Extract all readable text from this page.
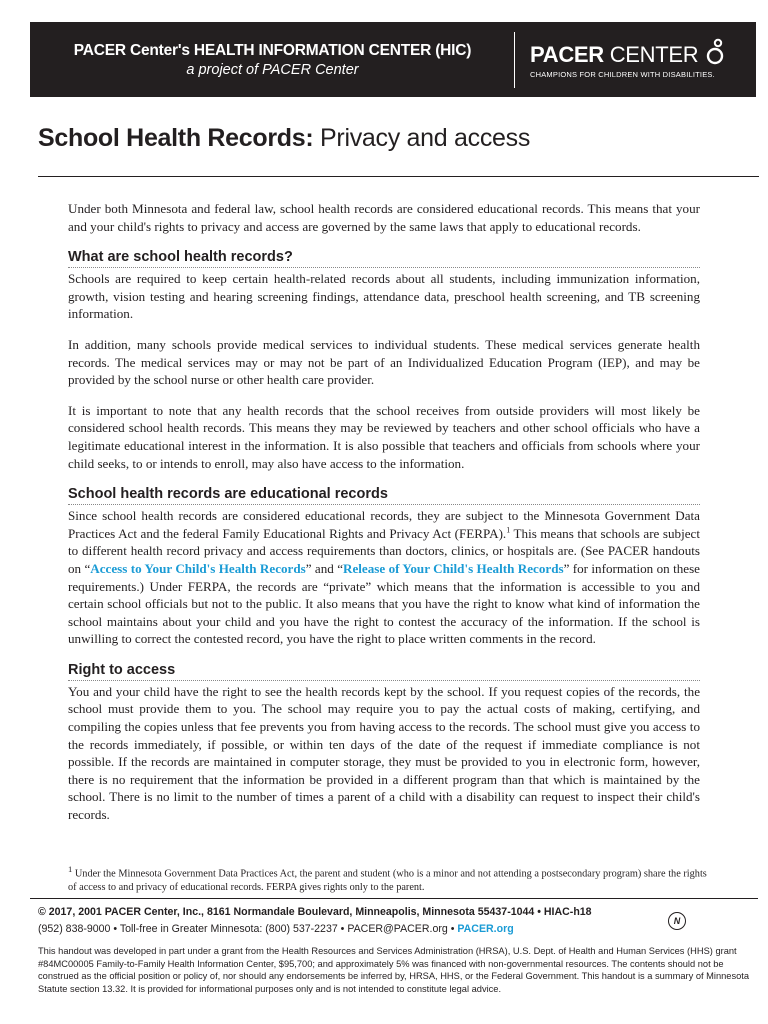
PACER Center's HEALTH INFORMATION CENTER (HIC)
a project of PACER Center
PACER CENTER
CHAMPIONS FOR CHILDREN WITH DISABILITIES.
School Health Records: Privacy and access

Under both Minnesota and federal law, school health records are considered educational records. This means that your and your child's rights to privacy and access are governed by the same laws that apply to educational records.

What are school health records?

Schools are required to keep certain health-related records about all students, including immunization information, growth, vision testing and hearing screening findings, attendance data, preschool health screening, and TB screening information.

In addition, many schools provide medical services to individual students. These medical services generate health records. The medical services may or may not be part of an Individualized Education Program (IEP), and may be provided by the school nurse or other health care provider.

It is important to note that any health records that the school receives from outside providers will most likely be considered school health records. This means they may be reviewed by teachers and other school officials who have a legitimate educational interest in the information. It is also possible that teachers and officials from schools where your child seeks, to or intends to enroll, may also have access to the information.

School health records are educational records

Since school health records are considered educational records, they are subject to the Minnesota Government Data Practices Act and the federal Family Educational Rights and Privacy Act (FERPA).$^1$ This means that schools are subject to different health record privacy and access requirements than doctors, clinics, or hospitals are. (See PACER handouts on “Access to Your Child's Health Records” and “Release of Your Child's Health Records” for information on these requirements.) Under FERPA, the records are “private” which means that the information is accessible to you and certain school officials but not to the public. It also means that you have the right to know what kind of information the school maintains about your child and you have the right to contest the accuracy of the information. If the school is unwilling to correct the contested record, you have the right to place written comments in the record.

Right to access

You and your child have the right to see the health records kept by the school. If you request copies of the records, the school must provide them to you. The school may require you to pay the actual costs of making, certifying, and compiling the copies unless that fee prevents you from having access to the records. The school must give you access to the records immediately, if possible, or within ten days of the date of the request if immediate compliance is not possible. If the records are maintained in computer storage, they must be provided to you in electronic form, however, there is no requirement that the information be provided in a different program than that which is maintained by the school. There is no limit to the number of times a parent of a child with a disability can request to inspect their child's records.

$^1$ Under the Minnesota Government Data Practices Act, the parent and student (who is a minor and not attending a postsecondary program) share the rights of access to and privacy of educational records. FERPA gives rights only to the parent.
© 2017, 2001 PACER Center, Inc., 8161 Normandale Boulevard, Minneapolis, Minnesota 55437-1044 • HIAC-h18
N
(952) 838-9000 • Toll-free in Greater Minnesota: (800) 537-2237 • PACER@PACER.org • PACER.org
This handout was developed in part under a grant from the Health Resources and Services Administration (HRSA), U.S. Dept. of Health and Human Services (HHS) grant #84MC00005 Family-to-Family Health Information Center, $95,700; and approximately 5% was financed with non-governmental resources. The contents should not be construed as the official position or policy of, nor should any endorsements be inferred by, HRSA, HHS, or the Federal Government. This handout is a summary of Minnesota Statute section 13.32. It is provided for informational purposes only and is not intended to constitute legal advice.
